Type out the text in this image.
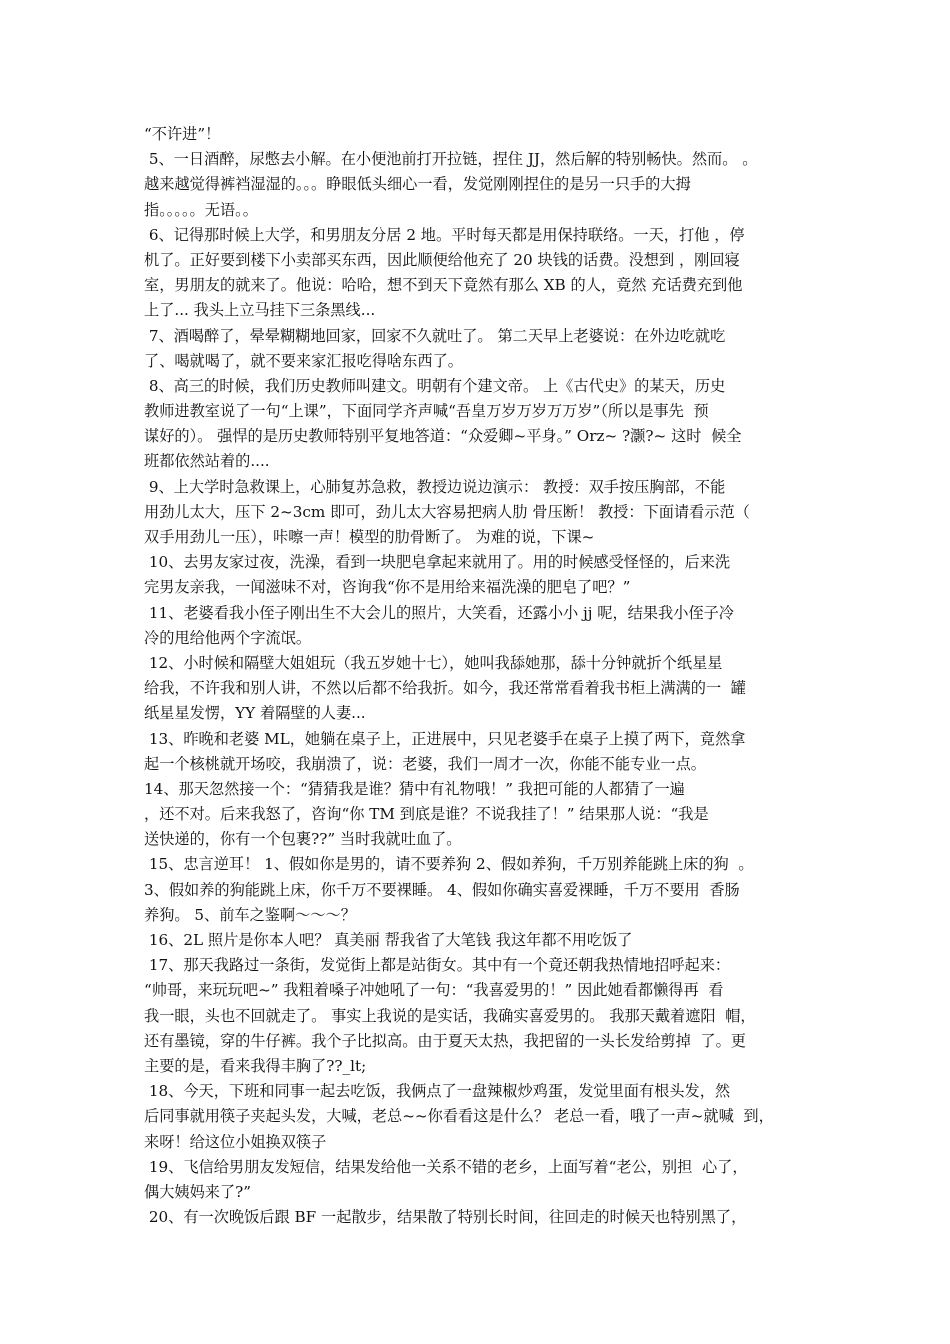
“不许进”！
5、一日酒醉，尿憋去小解。在小便池前打开拉链，捏住 JJ，然后解的特别畅快。然而。 。
越来越觉得裤裆湿湿的。。。睁眼低头细心一看，发觉刚刚捏住的是另一只手的大拇
指。。。。。无语。。
6、记得那时候上大学，和男朋友分居 2 地。平时每天都是用保持联络。一天，打他 ，停
机了。正好要到楼下小卖部买东西，因此顺便给他充了 20 块钱的话费。没想到 ，刚回寝
室，男朋友的就来了。他说：哈哈，想不到天下竟然有那么 XB 的人，竟然 充话费充到他
上了... 我头上立马挂下三条黑线...
7、酒喝醉了，晕晕糊糊地回家，回家不久就吐了。 第二天早上老婆说：在外边吃就吃
了、喝就喝了，就不要来家汇报吃得啥东西了。
8、高三的时候，我们历史教师叫建文。明朝有个建文帝。 上《古代史》的某天，历史
教师进教室说了一句“上课”，下面同学齐声喊“吾皇万岁万岁万万岁”（所以是事先  预
谋好的）。 强悍的是历史教师特别平复地答道：“众爱卿~平身。” Orz~ ?灏?~ 这时  候全
班都依然站着的....
9、上大学时急救课上，心肺复苏急救，教授边说边演示： 教授：双手按压胸部，不能
用劲儿太大，压下 2~3cm 即可，劲儿太大容易把病人肋 骨压断！ 教授：下面请看示范（
双手用劲儿一压），咔嚓一声！模型的肋骨断了。 为难的说，下课~
10、去男友家过夜，洗澡，看到一块肥皂拿起来就用了。用的时候感受怪怪的，后来洗
完男友亲我，一闻滋味不对，咨询我“你不是用给来福洗澡的肥皂了吧？”
11、老婆看我小侄子刚出生不大会儿的照片，大笑看，还露小小 jj 呢，结果我小侄子冷
冷的甩给他两个字流氓。
12、小时候和隔壁大姐姐玩（我五岁她十七），她叫我舔她那，舔十分钟就折个纸星星
给我，不许我和别人讲，不然以后都不给我折。如今，我还常常看着我书柜上满满的一  罐
纸星星发愣，YY 着隔壁的人妻...
13、昨晚和老婆 ML，她躺在桌子上，正进展中，只见老婆手在桌子上摸了两下，竟然拿
起一个核桃就开场咬，我崩溃了，说：老婆，我们一周才一次，你能不能专业一点。
14、那天忽然接一个：“猜猜我是谁？猜中有礼物哦！” 我把可能的人都猜了一遍
，还不对。后来我怒了，咨询“你 TM 到底是谁？不说我挂了！” 结果那人说：“我是
送快递的，你有一个包裹??” 当时我就吐血了。
15、忠言逆耳！ 1、假如你是男的，请不要养狗 2、假如养狗，千万别养能跳上床的狗  。
3、假如养的狗能跳上床，你千万不要裸睡。 4、假如你确实喜爱裸睡，千万不要用  香肠
养狗。 5、前车之鉴啊～～～？
16、2L 照片是你本人吧？ 真美丽 帮我省了大笔钱 我这年都不用吃饭了
17、那天我路过一条街，发觉街上都是站街女。其中有一个竟还朝我热情地招呼起来：
“帅哥，来玩玩吧~” 我粗着嗓子冲她吼了一句：“我喜爱男的！” 因此她看都懒得再  看
我一眼，头也不回就走了。 事实上我说的是实话，我确实喜爱男的。 我那天戴着遮阳  帽，
还有墨镜，穿的牛仔裤。我个子比拟高。由于夏天太热，我把留的一头长发给剪掉  了。更
主要的是，看来我得丰胸了??_lt;
18、今天，下班和同事一起去吃饭，我俩点了一盘辣椒炒鸡蛋，发觉里面有根头发，然
后同事就用筷子夹起头发，大喊，老总~~你看看这是什么？ 老总一看，哦了一声~就喊  到，
来呀！给这位小姐换双筷子
19、飞信给男朋友发短信，结果发给他一关系不错的老乡，上面写着“老公，别担  心了，
偶大姨妈来了?”
20、有一次晚饭后跟 BF 一起散步，结果散了特别长时间，往回走的时候天也特别黑了，
